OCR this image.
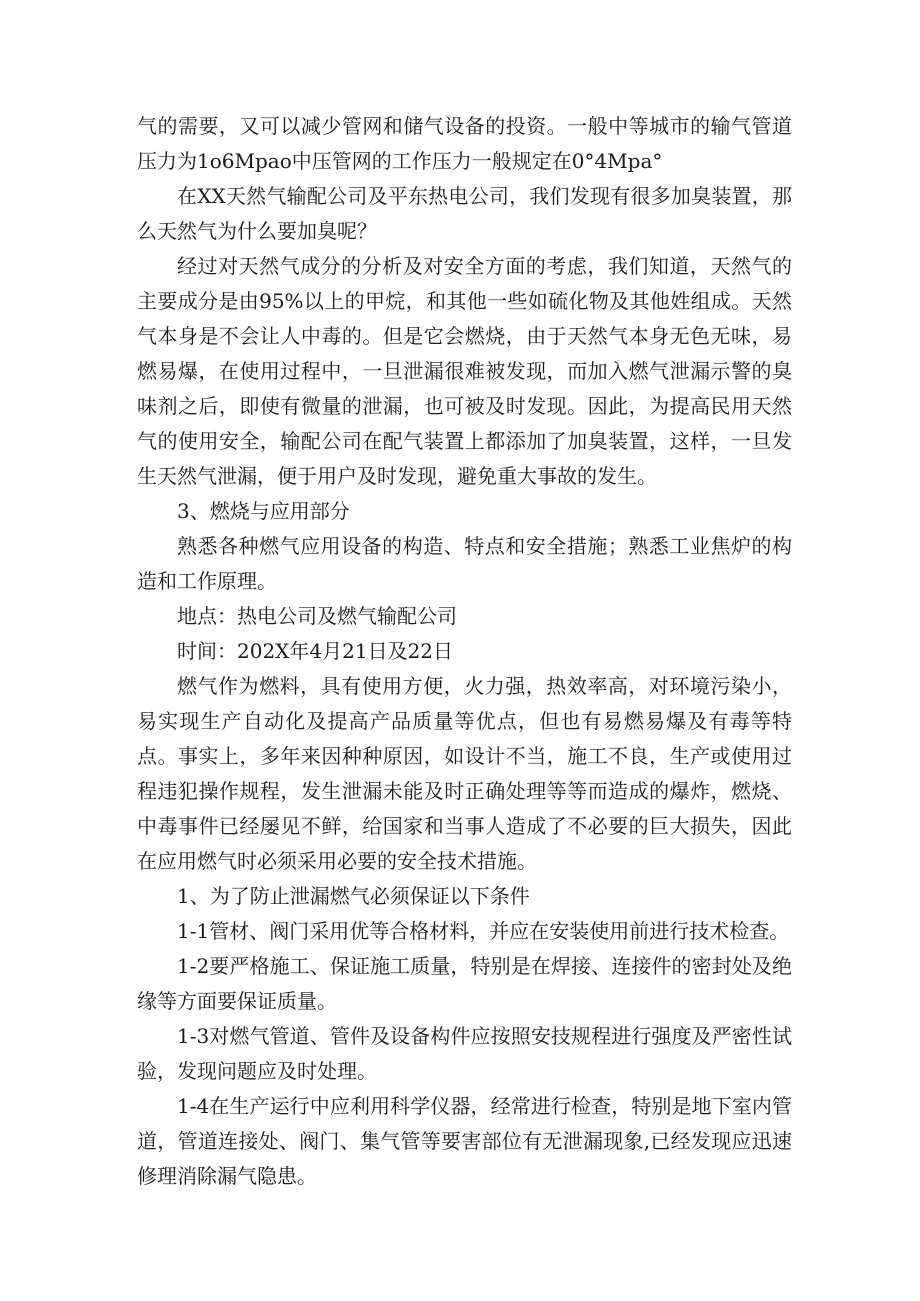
气的需要，又可以减少管网和储气设备的投资。一般中等城市的输气管道压力为1o6Mpao中压管网的工作压力一般规定在0°4Mpa°

在XX天然气输配公司及平东热电公司，我们发现有很多加臭装置，那么天然气为什么要加臭呢？

经过对天然气成分的分析及对安全方面的考虑，我们知道，天然气的主要成分是由95%以上的甲烷，和其他一些如硫化物及其他姓组成。天然气本身是不会让人中毒的。但是它会燃烧，由于天然气本身无色无味，易燃易爆，在使用过程中，一旦泄漏很难被发现，而加入燃气泄漏示警的臭味剂之后，即使有微量的泄漏，也可被及时发现。因此，为提高民用天然气的使用安全，输配公司在配气装置上都添加了加臭装置，这样，一旦发生天然气泄漏，便于用户及时发现，避免重大事故的发生。

3、燃烧与应用部分

熟悉各种燃气应用设备的构造、特点和安全措施；熟悉工业焦炉的构造和工作原理。

地点：热电公司及燃气输配公司

时间：202X年4月21日及22日

燃气作为燃料，具有使用方便，火力强，热效率高，对环境污染小，易实现生产自动化及提高产品质量等优点，但也有易燃易爆及有毒等特点。事实上，多年来因种种原因，如设计不当，施工不良，生产或使用过程违犯操作规程，发生泄漏未能及时正确处理等等而造成的爆炸，燃烧、中毒事件已经屡见不鲜，给国家和当事人造成了不必要的巨大损失，因此在应用燃气时必须采用必要的安全技术措施。

1、为了防止泄漏燃气必须保证以下条件

1-1管材、阀门采用优等合格材料，并应在安装使用前进行技术检查。

1-2要严格施工、保证施工质量，特别是在焊接、连接件的密封处及绝缘等方面要保证质量。

1-3对燃气管道、管件及设备构件应按照安技规程进行强度及严密性试验，发现问题应及时处理。

1-4在生产运行中应利用科学仪器，经常进行检查，特别是地下室内管道，管道连接处、阀门、集气管等要害部位有无泄漏现象,已经发现应迅速修理消除漏气隐患。
